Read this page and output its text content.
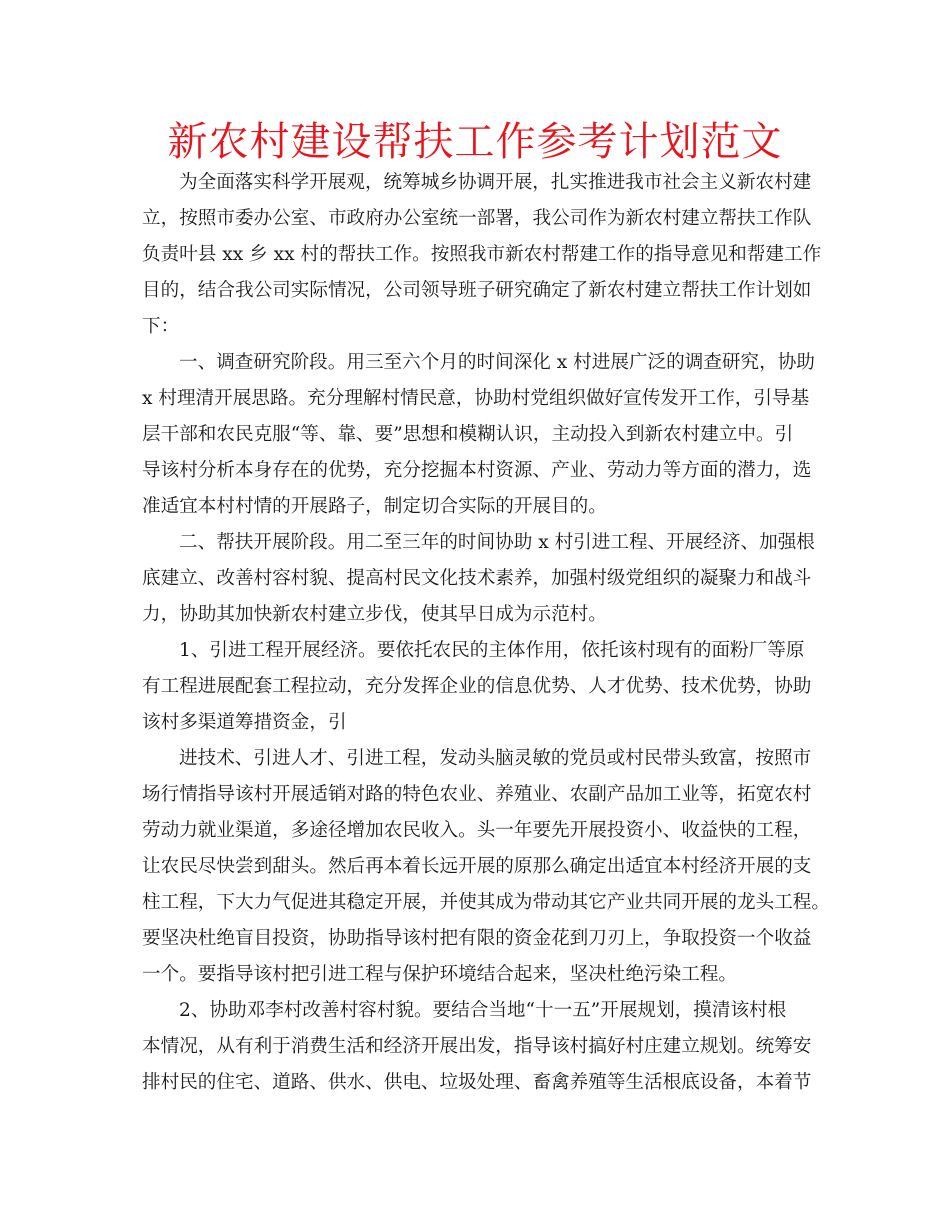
新农村建设帮扶工作参考计划范文
为全面落实科学开展观，统筹城乡协调开展，扎实推进我市社会主义新农村建
立，按照市委办公室、市政府办公室统一部署，我公司作为新农村建立帮扶工作队
负责叶县 xx 乡 xx 村的帮扶工作。按照我市新农村帮建工作的指导意见和帮建工作
目的，结合我公司实际情况，公司领导班子研究确定了新农村建立帮扶工作计划如
下：
一、调查研究阶段。用三至六个月的时间深化 x 村进展广泛的调查研究，协助
x 村理清开展思路。充分理解村情民意，协助村党组织做好宣传发开工作，引导基
层干部和农民克服“等、靠、要”思想和模糊认识，主动投入到新农村建立中。引
导该村分析本身存在的优势，充分挖掘本村资源、产业、劳动力等方面的潜力，选
准适宜本村村情的开展路子，制定切合实际的开展目的。
二、帮扶开展阶段。用二至三年的时间协助 x 村引进工程、开展经济、加强根
底建立、改善村容村貌、提高村民文化技术素养，加强村级党组织的凝聚力和战斗
力，协助其加快新农村建立步伐，使其早日成为示范村。
1、引进工程开展经济。要依托农民的主体作用，依托该村现有的面粉厂等原
有工程进展配套工程拉动，充分发挥企业的信息优势、人才优势、技术优势，协助
该村多渠道筹措资金，引
进技术、引进人才、引进工程，发动头脑灵敏的党员或村民带头致富，按照市
场行情指导该村开展适销对路的特色农业、养殖业、农副产品加工业等，拓宽农村
劳动力就业渠道，多途径增加农民收入。头一年要先开展投资小、收益快的工程，
让农民尽快尝到甜头。然后再本着长远开展的原那么确定出适宜本村经济开展的支
柱工程，下大力气促进其稳定开展，并使其成为带动其它产业共同开展的龙头工程。
要坚决杜绝盲目投资，协助指导该村把有限的资金花到刀刃上，争取投资一个收益
一个。要指导该村把引进工程与保护环境结合起来，坚决杜绝污染工程。
2、协助邓李村改善村容村貌。要结合当地“十一五”开展规划，摸清该村根
本情况，从有利于消费生活和经济开展出发，指导该村搞好村庄建立规划。统筹安
排村民的住宅、道路、供水、供电、垃圾处理、畜禽养殖等生活根底设备，本着节
